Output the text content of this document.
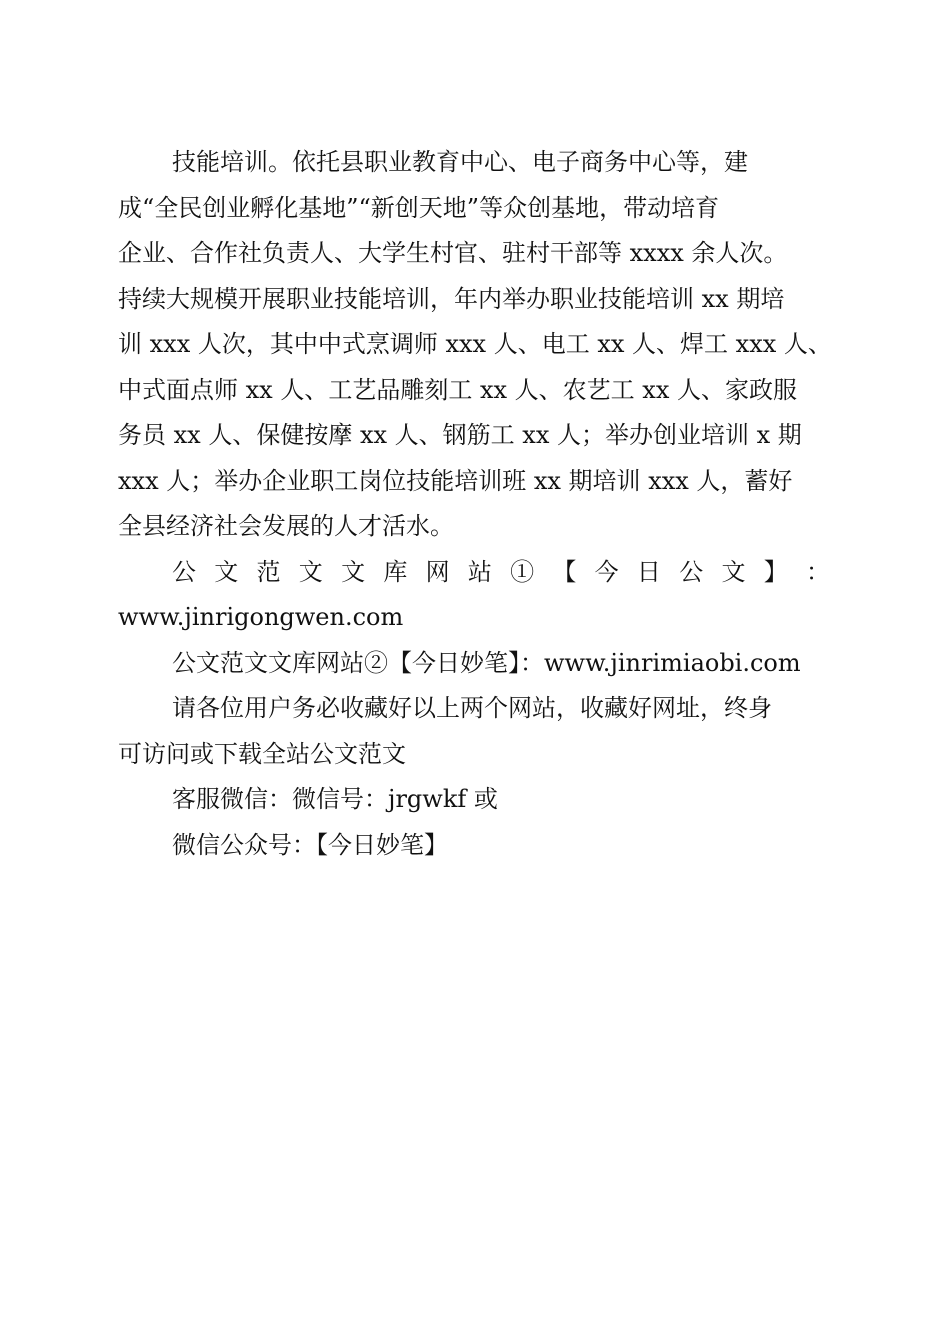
技能培训。依托县职业教育中心、电子商务中心等，建
成“全民创业孵化基地”“新创天地”等众创基地，带动培育
企业、合作社负责人、大学生村官、驻村干部等 xxxx 余人次。
持续大规模开展职业技能培训，年内举办职业技能培训 xx 期培
训 xxx 人次，其中中式烹调师 xxx 人、电工 xx 人、焊工 xxx 人、
中式面点师 xx 人、工艺品雕刻工 xx 人、农艺工 xx 人、家政服
务员 xx 人、保健按摩 xx 人、钢筋工 xx 人；举办创业培训 x 期
xxx 人；举办企业职工岗位技能培训班 xx 期培训 xxx 人，蓄好
全县经济社会发展的人才活水。
公 文 范 文 文 库 网 站 ① 【 今 日 公 文 】 ：
www.jinrigongwen.com
公文范文文库网站②【今日妙笔】：www.jinrimiaobi.com
请各位用户务必收藏好以上两个网站，收藏好网址，终身
可访问或下载全站公文范文
客服微信：微信号：jrgwkf 或
微信公众号：【今日妙笔】
